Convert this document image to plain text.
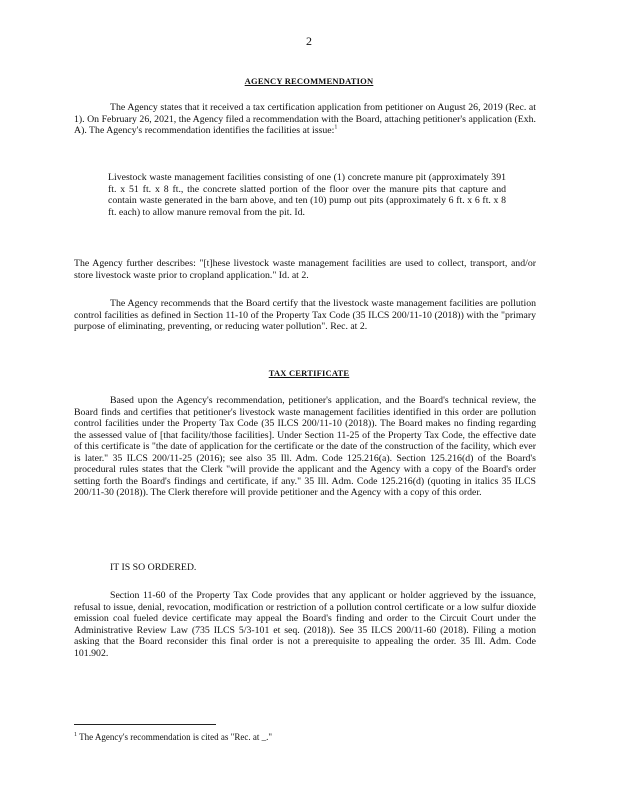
2
AGENCY RECOMMENDATION
The Agency states that it received a tax certification application from petitioner on August 26, 2019 (Rec. at 1). On February 26, 2021, the Agency filed a recommendation with the Board, attaching petitioner's application (Exh. A). The Agency's recommendation identifies the facilities at issue:$^1$
Livestock waste management facilities consisting of one (1) concrete manure pit (approximately 391 ft. x 51 ft. x 8 ft., the concrete slatted portion of the floor over the manure pits that capture and contain waste generated in the barn above, and ten (10) pump out pits (approximately 6 ft. x 6 ft. x 8 ft. each) to allow manure removal from the pit. Id.
The Agency further describes: "[t]hese livestock waste management facilities are used to collect, transport, and/or store livestock waste prior to cropland application." Id. at 2.
The Agency recommends that the Board certify that the livestock waste management facilities are pollution control facilities as defined in Section 11-10 of the Property Tax Code (35 ILCS 200/11-10 (2018)) with the "primary purpose of eliminating, preventing, or reducing water pollution". Rec. at 2.
TAX CERTIFICATE
Based upon the Agency's recommendation, petitioner's application, and the Board's technical review, the Board finds and certifies that petitioner's livestock waste management facilities identified in this order are pollution control facilities under the Property Tax Code (35 ILCS 200/11-10 (2018)). The Board makes no finding regarding the assessed value of [that facility/those facilities]. Under Section 11-25 of the Property Tax Code, the effective date of this certificate is "the date of application for the certificate or the date of the construction of the facility, which ever is later." 35 ILCS 200/11-25 (2016); see also 35 Ill. Adm. Code 125.216(a). Section 125.216(d) of the Board's procedural rules states that the Clerk "will provide the applicant and the Agency with a copy of the Board's order setting forth the Board's findings and certificate, if any." 35 Ill. Adm. Code 125.216(d) (quoting in italics 35 ILCS 200/11-30 (2018)). The Clerk therefore will provide petitioner and the Agency with a copy of this order.
IT IS SO ORDERED.
Section 11-60 of the Property Tax Code provides that any applicant or holder aggrieved by the issuance, refusal to issue, denial, revocation, modification or restriction of a pollution control certificate or a low sulfur dioxide emission coal fueled device certificate may appeal the Board's finding and order to the Circuit Court under the Administrative Review Law (735 ILCS 5/3-101 et seq. (2018)). See 35 ILCS 200/11-60 (2018). Filing a motion asking that the Board reconsider this final order is not a prerequisite to appealing the order. 35 Ill. Adm. Code 101.902.
$^1$ The Agency's recommendation is cited as "Rec. at _."
